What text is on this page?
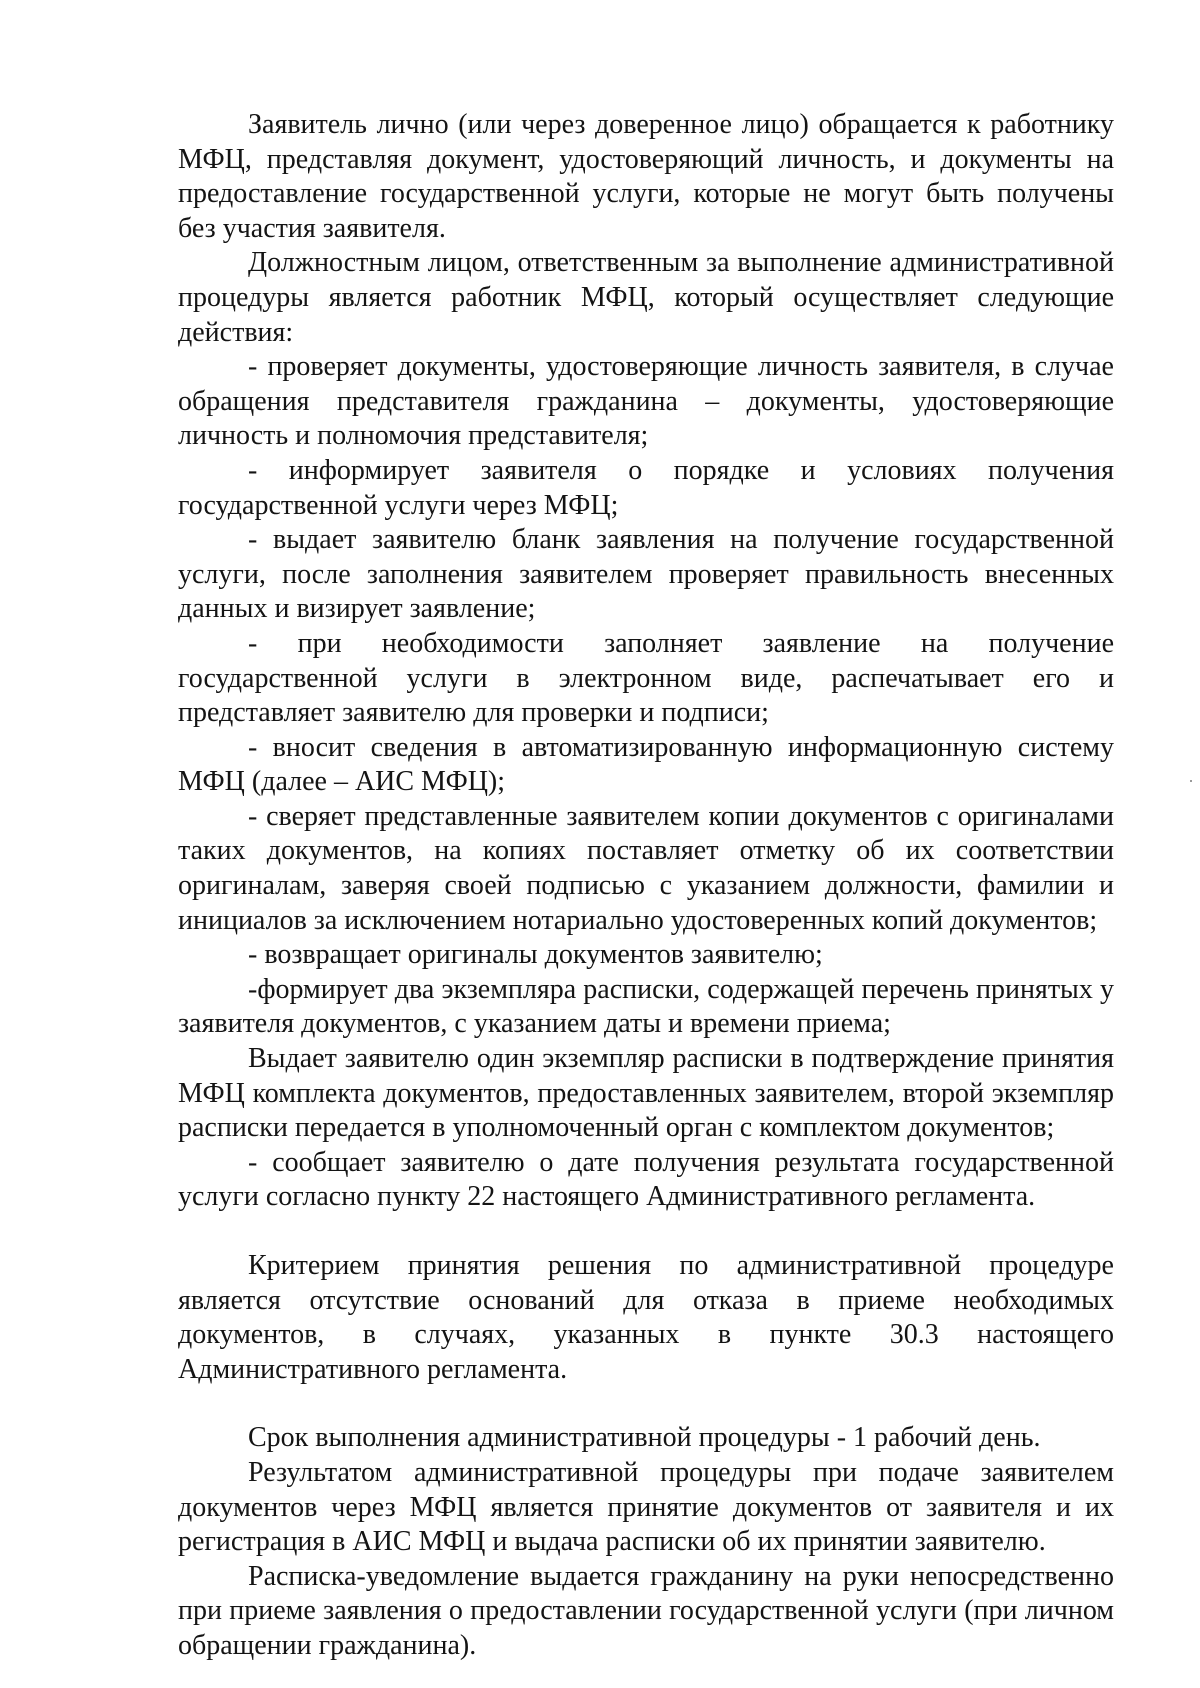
Заявитель лично (или через доверенное лицо) обращается к работнику МФЦ, представляя документ, удостоверяющий личность, и документы на предоставление государственной услуги, которые не могут быть получены без участия заявителя.

Должностным лицом, ответственным за выполнение административной процедуры является работник МФЦ, который осуществляет следующие действия:

- проверяет документы, удостоверяющие личность заявителя, в случае обращения представителя гражданина – документы, удостоверяющие личность и полномочия представителя;

- информирует заявителя о порядке и условиях получения государственной услуги через МФЦ;

- выдает заявителю бланк заявления на получение государственной услуги, после заполнения заявителем проверяет правильность внесенных данных и визирует заявление;

- при необходимости заполняет заявление на получение государственной услуги в электронном виде, распечатывает его и представляет заявителю для проверки и подписи;

- вносит сведения в автоматизированную информационную систему МФЦ (далее – АИС МФЦ);

- сверяет представленные заявителем копии документов с оригиналами таких документов, на копиях поставляет отметку об их соответствии оригиналам, заверяя своей подписью с указанием должности, фамилии и инициалов за исключением нотариально удостоверенных копий документов;

- возвращает оригиналы документов заявителю;

-формирует два экземпляра расписки, содержащей перечень принятых у заявителя документов, с указанием даты и времени приема;

Выдает заявителю один экземпляр расписки в подтверждение принятия МФЦ комплекта документов, предоставленных заявителем, второй экземпляр расписки передается в уполномоченный орган с комплектом документов;

- сообщает заявителю о дате получения результата государственной услуги согласно пункту 22 настоящего Административного регламента.

Критерием принятия решения по административной процедуре является отсутствие оснований для отказа в приеме необходимых документов, в случаях, указанных в пункте 30.3 настоящего Административного регламента.

Срок выполнения административной процедуры - 1 рабочий день.

Результатом административной процедуры при подаче заявителем документов через МФЦ является принятие документов от заявителя и их регистрация в АИС МФЦ и выдача расписки об их принятии заявителю.

Расписка-уведомление выдается гражданину на руки непосредственно при приеме заявления о предоставлении государственной услуги (при личном обращении гражданина).
